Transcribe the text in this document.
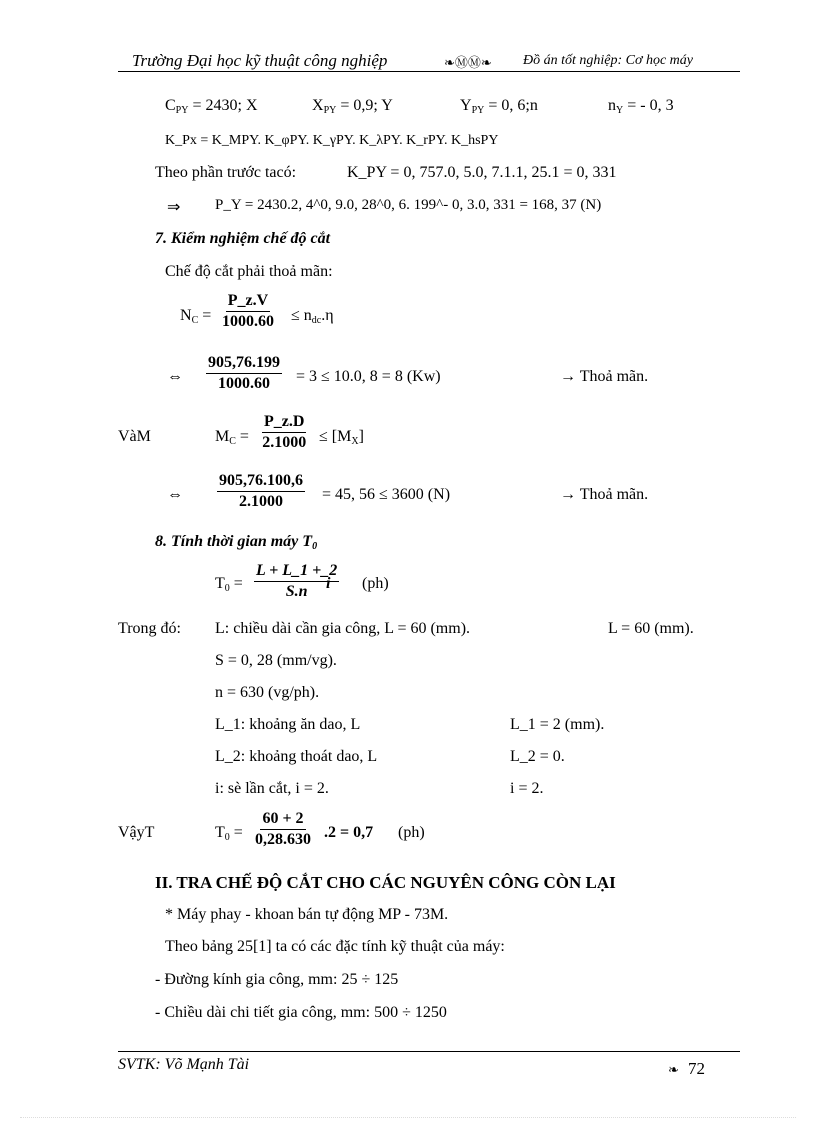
Trường Đại học kỹ thuật công nghiệp	❧ⓂⓂ❧ Đồ án tốt nghiệp: Cơ học máy
$C_{PY} = 2430$; X	$X_{PY} = 0,9$; Y	$Y_{PY} = 0$, 6;n	$n_Y$ = - 0, 3
K_Px = K_MPY. K_φPY. K_γPY. K_λPY. K_rPY. K_hsPY
Theo phần trước tacó:	K_PY = 0, 757.0, 5.0, 7.1.1, 25.1 = 0, 331
⇒ P_Y = 2430.2, 4^0, 9.0, 28^0, 6. 199^- 0, 3.0, 331 = 168, 37 (N)
7. Kiểm nghiệm chế độ cắt
Chế độ cắt phải thoả mãn:
$N_C = \frac{P\_z.V}{1000.60} \le n_{dc}.\eta$
⇔ $\frac{905,76.199}{1000.60} = 3 \le 10.0$, 8 = 8 (Kw)	→ Thoả mãn.
VàM	$M_C = \frac{P\_z.D}{2.1000} \le [M_X]$
⇔ $\frac{905,76.100,6}{2.1000} = 45$, 56 ≤ 3600 (N)	→ Thoả mãn.
8. Tính thời gian máy $T_0$
$T_0 = \frac{L + L\_1 +\_2}{S.n}$
i (ph)
Trong đó: L: chiều dài cần gia công, L = 60 (mm).	L = 60 (mm).
S = 0, 28 (mm/vg).
n = 630 (vg/ph).
L_1: khoảng ăn dao, L	L_1 = 2 (mm).
L_2: khoảng thoát dao, L	L_2 = 0.
i: sè lần cắt, i = 2.	i = 2.
VậyT	$T_0 = \frac{60 + 2}{0,28.630} .2 = 0,7$ (ph)
II. TRA CHẾ ĐỘ CẮT CHO CÁC NGUYÊN CÔNG CÒN LẠI
* Máy phay - khoan bán tự động MP - 73M.
Theo bảng 25[1] ta có các đặc tính kỹ thuật của máy:
- Đường kính gia công, mm: 25 ÷ 125
- Chiều dài chi tiết gia công, mm: 500 ÷ 1250
SVTK: Võ Mạnh Tài	❧ 72
